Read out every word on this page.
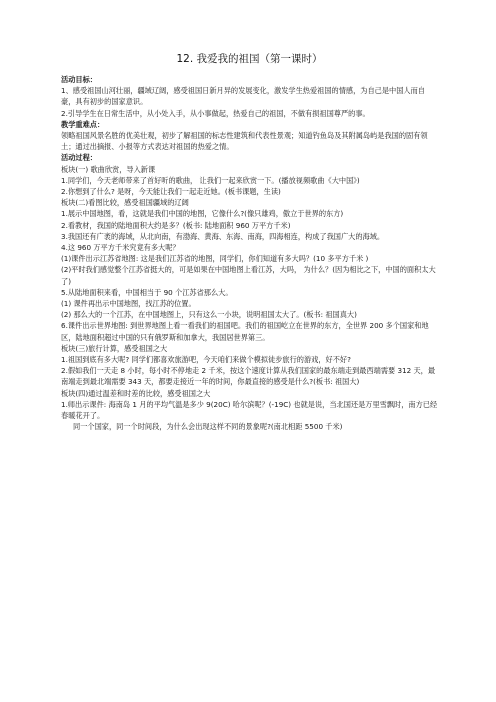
12. 我爱我的祖国（第一课时）

活动目标：

1、感受祖国山河壮丽，疆域辽阔，感受祖国日新月异的发展变化，激发学生热爱祖国的情感，为自己是中国人而自豪，具有初步的国家意识。

2.引导学生在日常生活中，从小处入手，从小事做起，热爱自己的祖国，不做有损祖国尊严的事。

教学重难点：

领略祖国风景名胜的优美壮观，初步了解祖国的标志性建筑和代表性景观；知道钓鱼岛及其附属岛屿是我国的固有领土；通过出摘报、小报等方式表达对祖国的热爱之情。

活动过程：

板块(一) 歌曲欣赏，导入新课

1.同学们，今天老师带来了首好听的歌曲， 让我们一起来欣赏一下。(播放视频歌曲《大中国》)

2.你想到了什么? 是呀，今天能让我们一起走近她。(板书课题，生读)

板块(二)看图比较，感受祖国疆域的辽阔

1.展示中国地图，看，这就是我们中国的地图，它像什么?(像只雄鸡，傲立于世界的东方)

2.看教材，我国的陆地面积大约是多？(板书: 陆地面积 960 万平方千米)

3.我国还有广袤的海域，从北向南，有渤海、黄海、东海、南海，四海相连，构成了我国广大的海域。

4.这 960 万平方千米究竟有多大呢？

(1)课件出示江苏省地图: 这是我们江苏省的地图，同学们，你们知道有多大吗？(10 多平方千米 )

(2)平时我们感觉整个江苏省挺大的，可是如果在中国地图上看江苏，大吗， 为什么？(因为相比之下，中国的面积太大了)

5.从陆地面积来看，中国相当于 90 个江苏省那么大。

(1) 课件再出示中国地图，找江苏的位置。

(2) 那么大的一个江苏，在中国地图上，只有这么一小块，说明祖国太大了。(板书: 祖国真大)

6.课件出示世界地图: 到世界地图上看一看我们的祖国吧。我们的祖国屹立在世界的东方，全世界 200 多个国家和地区，陆地面积超过中国的只有俄罗斯和加拿大，我国居世界第三。

板块(三)旅行计算，感受祖国之大

1.祖国到底有多大呢? 同学们都喜欢旅游吧，今天咱们来做个模拟徒步旅行的游戏，好不好?

2.假如我们一天走 8 小时，每小时不停地走 2 千米，按这个速度计算从我们国家的最东端走到最西端需要 312 天，最南端走到最北端需要 343 天，都要走接近一年的时间，你最直接的感受是什么?(板书: 祖国大)

板块(四)通过温差和时差的比较，感受祖国之大

1.师出示课件: 海南岛 1 月的平均气温是多少 9(20C) 哈尔滨呢？(-19C) 也就是说，当北国还是万里雪飘时，南方已经春暖花开了。

同一个国家，同一个时间段，为什么会出现这样不同的景象呢?(南北相距 5500 千米)
